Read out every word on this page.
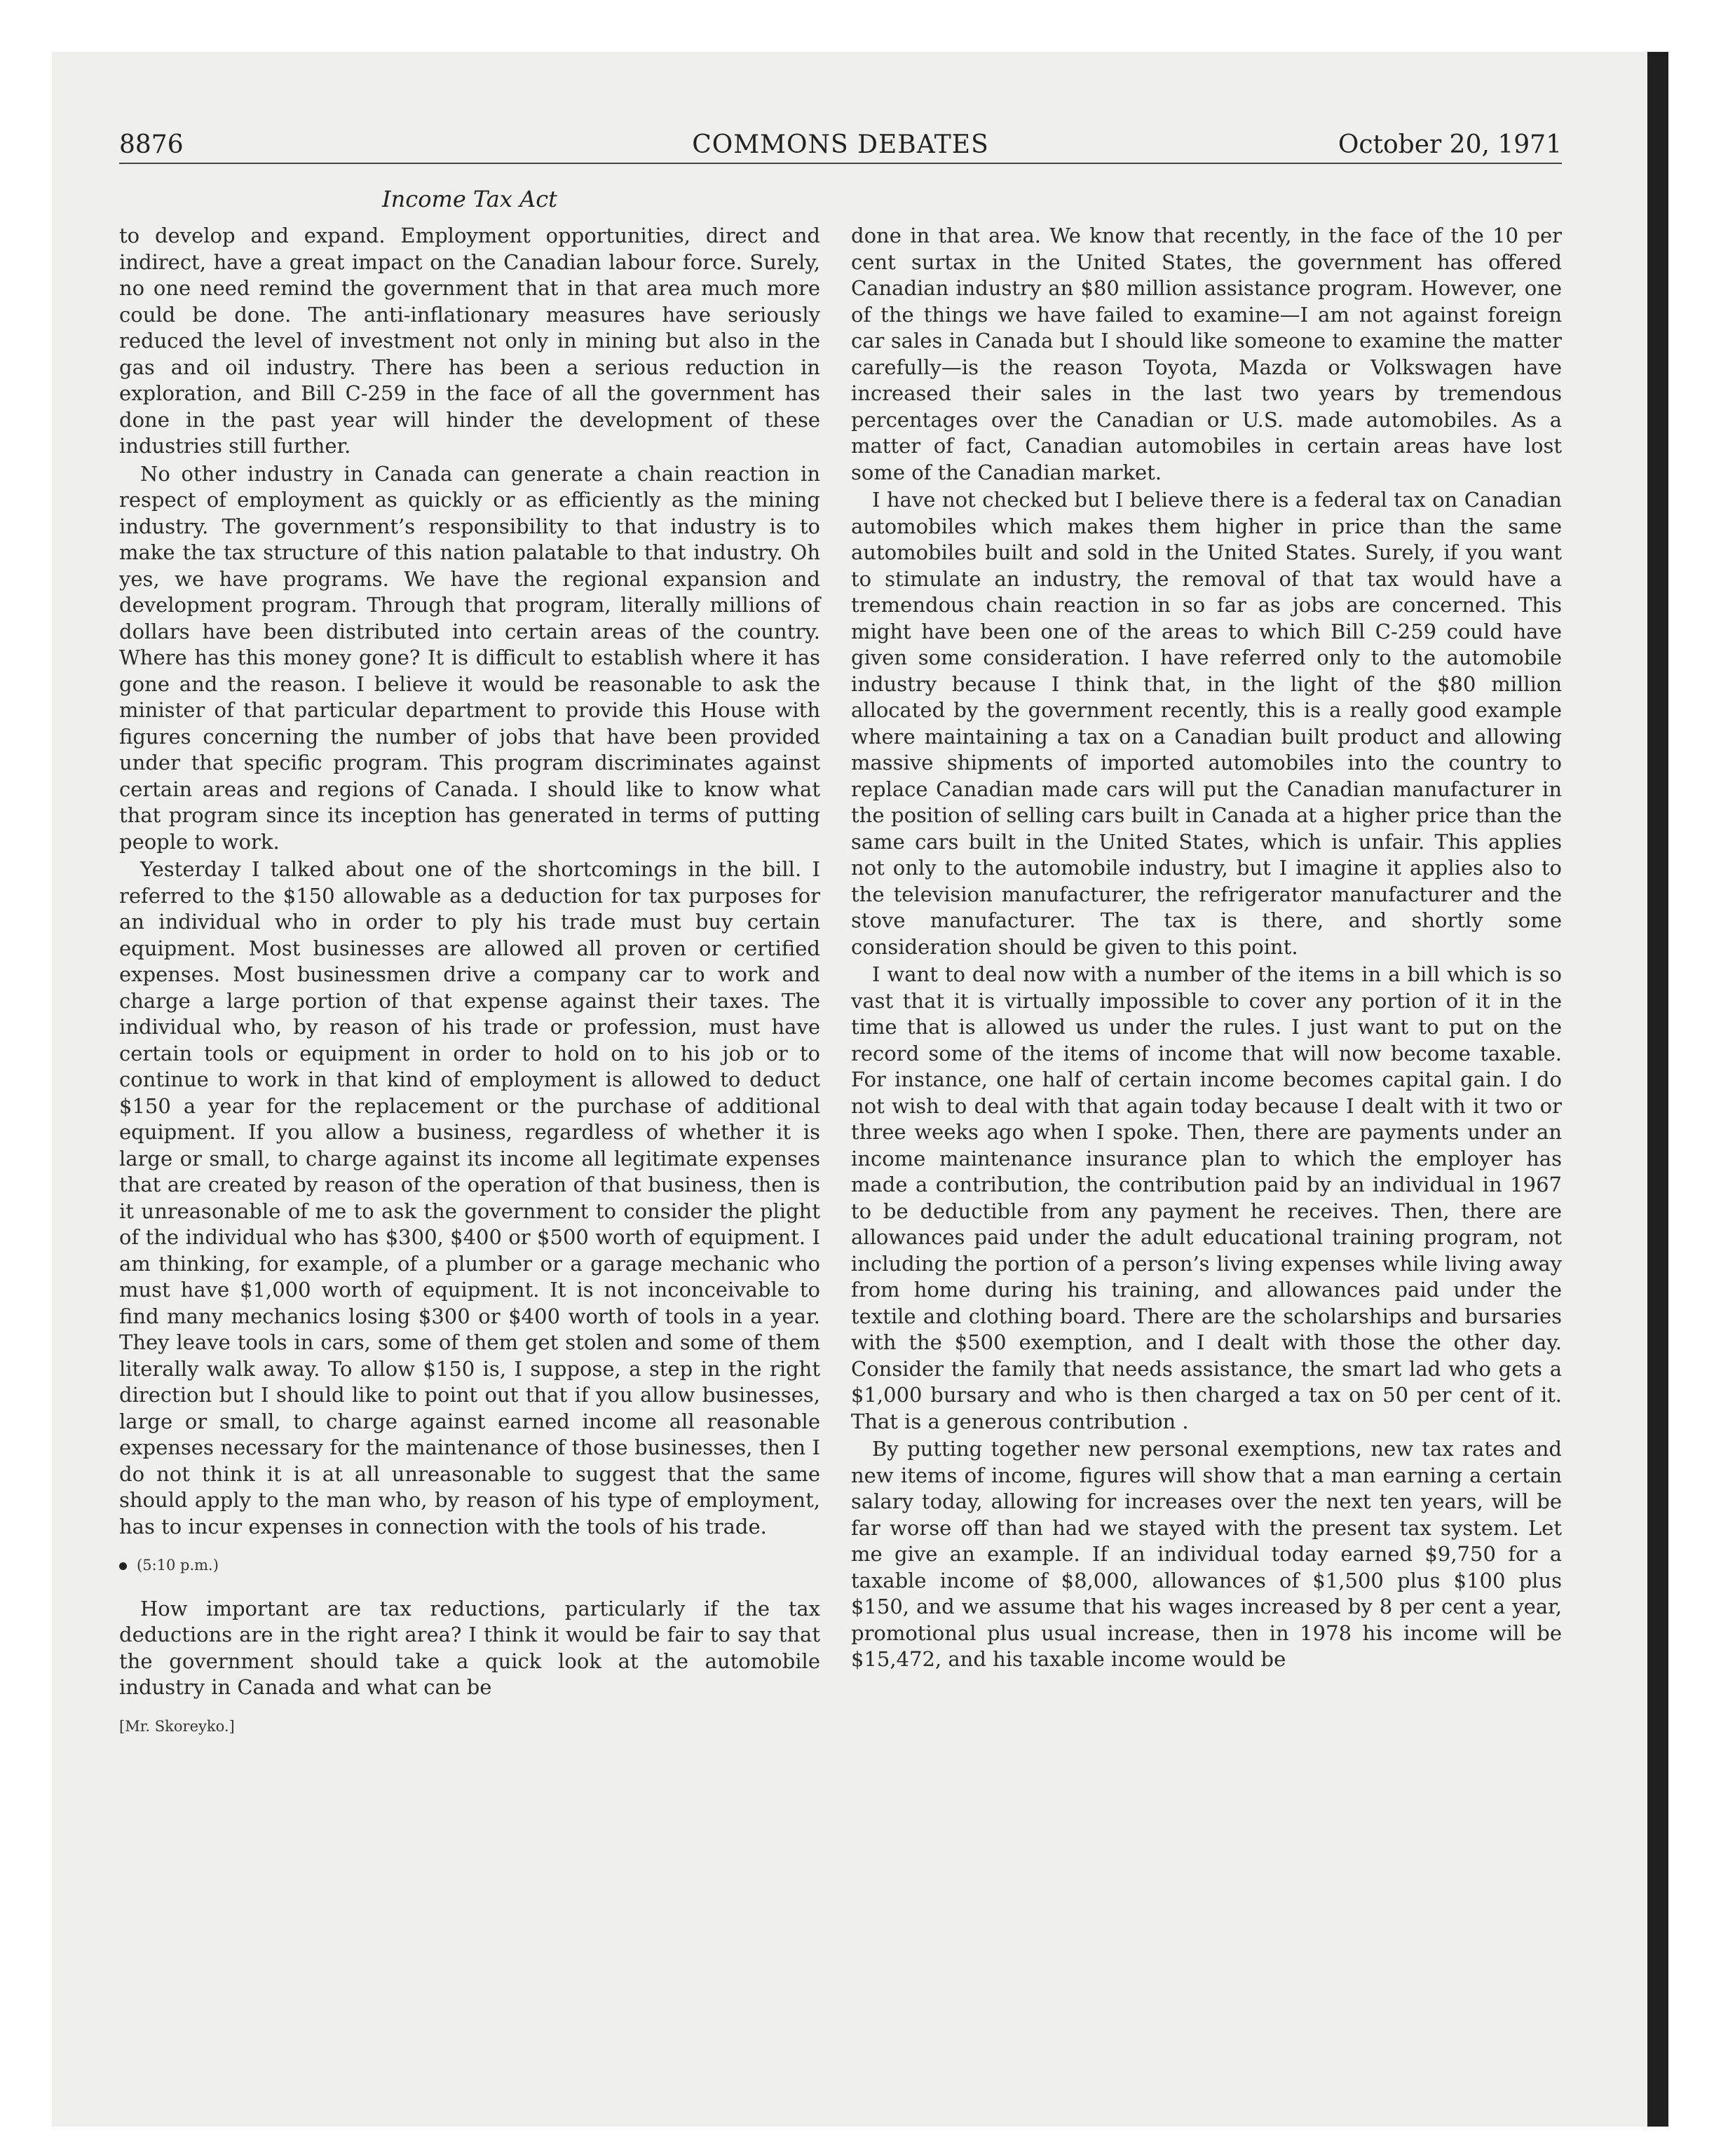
8876	COMMONS DEBATES	October 20, 1971
Income Tax Act

to develop and expand. Employment opportunities, direct and indirect, have a great impact on the Canadian labour force. Surely, no one need remind the government that in that area much more could be done. The anti-inflationary measures have seriously reduced the level of investment not only in mining but also in the gas and oil industry. There has been a serious reduction in exploration, and Bill C-259 in the face of all the government has done in the past year will hinder the development of these industries still further.

No other industry in Canada can generate a chain reaction in respect of employment as quickly or as efficiently as the mining industry. The government’s responsibility to that industry is to make the tax structure of this nation palatable to that industry. Oh yes, we have programs. We have the regional expansion and development program. Through that program, literally millions of dollars have been distributed into certain areas of the country. Where has this money gone? It is difficult to establish where it has gone and the reason. I believe it would be reasonable to ask the minister of that particular department to provide this House with figures concerning the number of jobs that have been provided under that specific program. This program discriminates against certain areas and regions of Canada. I should like to know what that program since its inception has generated in terms of putting people to work.

Yesterday I talked about one of the shortcomings in the bill. I referred to the $150 allowable as a deduction for tax purposes for an individual who in order to ply his trade must buy certain equipment. Most businesses are allowed all proven or certified expenses. Most businessmen drive a company car to work and charge a large portion of that expense against their taxes. The individual who, by reason of his trade or profession, must have certain tools or equipment in order to hold on to his job or to continue to work in that kind of employment is allowed to deduct $150 a year for the replacement or the purchase of additional equipment. If you allow a business, regardless of whether it is large or small, to charge against its income all legitimate expenses that are created by reason of the operation of that business, then is it unreasonable of me to ask the government to consider the plight of the individual who has $300, $400 or $500 worth of equipment. I am thinking, for example, of a plumber or a garage mechanic who must have $1,000 worth of equipment. It is not inconceivable to find many mechanics losing $300 or $400 worth of tools in a year. They leave tools in cars, some of them get stolen and some of them literally walk away. To allow $150 is, I suppose, a step in the right direction but I should like to point out that if you allow businesses, large or small, to charge against earned income all reasonable expenses necessary for the maintenance of those businesses, then I do not think it is at all unreasonable to suggest that the same should apply to the man who, by reason of his type of employment, has to incur expenses in connection with the tools of his trade.

(5:10 p.m.)

How important are tax reductions, particularly if the tax deductions are in the right area? I think it would be fair to say that the government should take a quick look at the automobile industry in Canada and what can be

[Mr. Skoreyko.]

done in that area. We know that recently, in the face of the 10 per cent surtax in the United States, the government has offered Canadian industry an $80 million assistance program. However, one of the things we have failed to examine—I am not against foreign car sales in Canada but I should like someone to examine the matter carefully—is the reason Toyota, Mazda or Volkswagen have increased their sales in the last two years by tremendous percentages over the Canadian or U.S. made automobiles. As a matter of fact, Canadian automobiles in certain areas have lost some of the Canadian market.

I have not checked but I believe there is a federal tax on Canadian automobiles which makes them higher in price than the same automobiles built and sold in the United States. Surely, if you want to stimulate an industry, the removal of that tax would have a tremendous chain reaction in so far as jobs are concerned. This might have been one of the areas to which Bill C-259 could have given some consideration. I have referred only to the automobile industry because I think that, in the light of the $80 million allocated by the government recently, this is a really good example where maintaining a tax on a Canadian built product and allowing massive shipments of imported automobiles into the country to replace Canadian made cars will put the Canadian manufacturer in the position of selling cars built in Canada at a higher price than the same cars built in the United States, which is unfair. This applies not only to the automobile industry, but I imagine it applies also to the television manufacturer, the refrigerator manufacturer and the stove manufacturer. The tax is there, and shortly some consideration should be given to this point.

I want to deal now with a number of the items in a bill which is so vast that it is virtually impossible to cover any portion of it in the time that is allowed us under the rules. I just want to put on the record some of the items of income that will now become taxable. For instance, one half of certain income becomes capital gain. I do not wish to deal with that again today because I dealt with it two or three weeks ago when I spoke. Then, there are payments under an income maintenance insurance plan to which the employer has made a contribution, the contribution paid by an individual in 1967 to be deductible from any payment he receives. Then, there are allowances paid under the adult educational training program, not including the portion of a person’s living expenses while living away from home during his training, and allowances paid under the textile and clothing board. There are the scholarships and bursaries with the $500 exemption, and I dealt with those the other day. Consider the family that needs assistance, the smart lad who gets a $1,000 bursary and who is then charged a tax on 50 per cent of it. That is a generous contribution .

By putting together new personal exemptions, new tax rates and new items of income, figures will show that a man earning a certain salary today, allowing for increases over the next ten years, will be far worse off than had we stayed with the present tax system. Let me give an example. If an individual today earned $9,750 for a taxable income of $8,000, allowances of $1,500 plus $100 plus $150, and we assume that his wages increased by 8 per cent a year, promotional plus usual increase, then in 1978 his income will be $15,472, and his taxable income would be
